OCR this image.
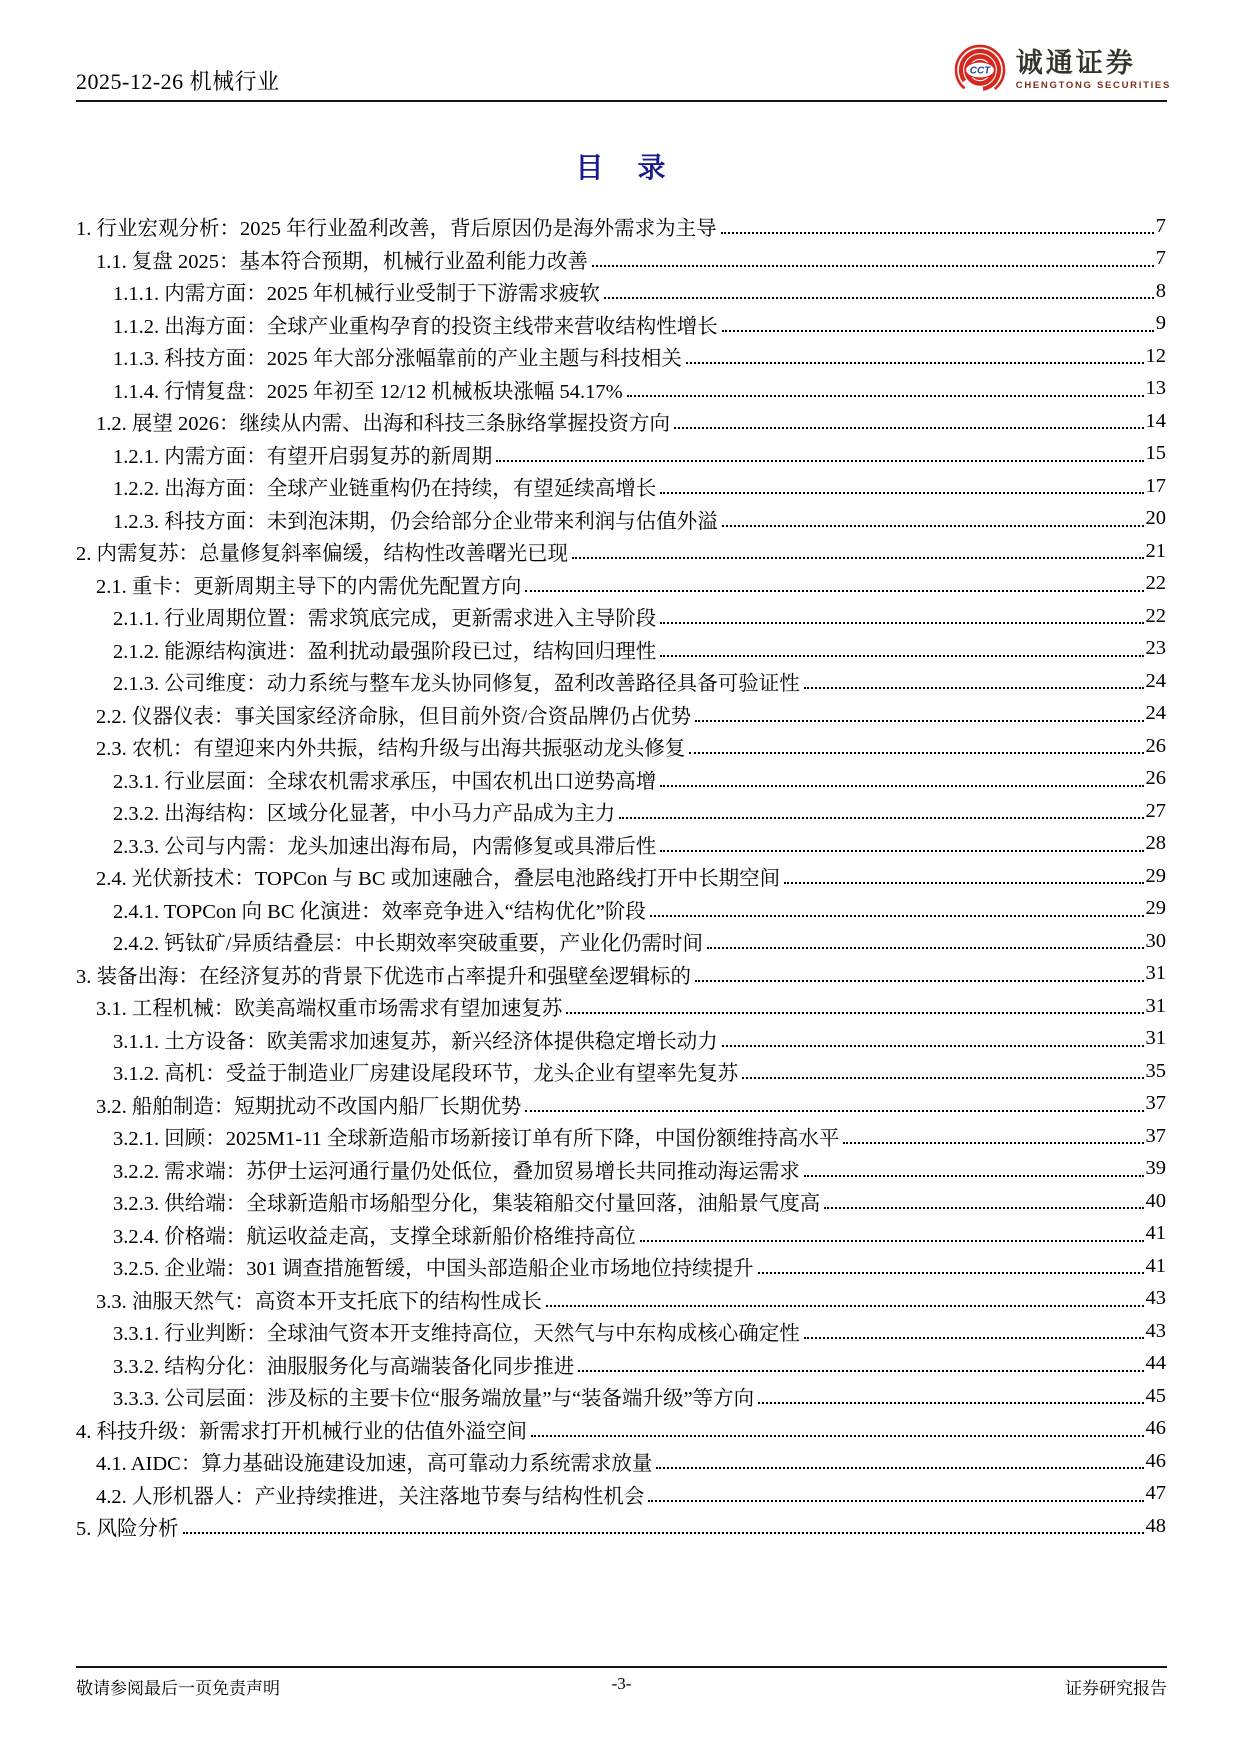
2025-12-26 机械行业	CCT 诚通证券
CHENGTONG SECURITIES
目 录
1. 行业宏观分析：2025 年行业盈利改善，背后原因仍是海外需求为主导	7
1.1. 复盘 2025：基本符合预期，机械行业盈利能力改善	7
1.1.1. 内需方面：2025 年机械行业受制于下游需求疲软	8
1.1.2. 出海方面：全球产业重构孕育的投资主线带来营收结构性增长	9
1.1.3. 科技方面：2025 年大部分涨幅靠前的产业主题与科技相关	12
1.1.4. 行情复盘：2025 年初至 12/12 机械板块涨幅 54.17%	13
1.2. 展望 2026：继续从内需、出海和科技三条脉络掌握投资方向	14
1.2.1. 内需方面：有望开启弱复苏的新周期	15
1.2.2. 出海方面：全球产业链重构仍在持续，有望延续高增长	17
1.2.3. 科技方面：未到泡沫期，仍会给部分企业带来利润与估值外溢	20
2. 内需复苏：总量修复斜率偏缓，结构性改善曙光已现	21
2.1. 重卡：更新周期主导下的内需优先配置方向	22
2.1.1. 行业周期位置：需求筑底完成，更新需求进入主导阶段	22
2.1.2. 能源结构演进：盈利扰动最强阶段已过，结构回归理性	23
2.1.3. 公司维度：动力系统与整车龙头协同修复，盈利改善路径具备可验证性	24
2.2. 仪器仪表：事关国家经济命脉，但目前外资/合资品牌仍占优势	24
2.3. 农机：有望迎来内外共振，结构升级与出海共振驱动龙头修复	26
2.3.1. 行业层面：全球农机需求承压，中国农机出口逆势高增	26
2.3.2. 出海结构：区域分化显著，中小马力产品成为主力	27
2.3.3. 公司与内需：龙头加速出海布局，内需修复或具滞后性	28
2.4. 光伏新技术：TOPCon 与 BC 或加速融合，叠层电池路线打开中长期空间	29
2.4.1. TOPCon 向 BC 化演进：效率竞争进入“结构优化”阶段	29
2.4.2. 钙钛矿/异质结叠层：中长期效率突破重要，产业化仍需时间	30
3. 装备出海：在经济复苏的背景下优选市占率提升和强壁垒逻辑标的	31
3.1. 工程机械：欧美高端权重市场需求有望加速复苏	31
3.1.1. 土方设备：欧美需求加速复苏，新兴经济体提供稳定增长动力	31
3.1.2. 高机：受益于制造业厂房建设尾段环节，龙头企业有望率先复苏	35
3.2. 船舶制造：短期扰动不改国内船厂长期优势	37
3.2.1. 回顾：2025M1-11 全球新造船市场新接订单有所下降，中国份额维持高水平	37
3.2.2. 需求端：苏伊士运河通行量仍处低位，叠加贸易增长共同推动海运需求	39
3.2.3. 供给端：全球新造船市场船型分化，集装箱船交付量回落，油船景气度高	40
3.2.4. 价格端：航运收益走高，支撑全球新船价格维持高位	41
3.2.5. 企业端：301 调查措施暂缓，中国头部造船企业市场地位持续提升	41
3.3. 油服天然气：高资本开支托底下的结构性成长	43
3.3.1. 行业判断：全球油气资本开支维持高位，天然气与中东构成核心确定性	43
3.3.2. 结构分化：油服服务化与高端装备化同步推进	44
3.3.3. 公司层面：涉及标的主要卡位“服务端放量”与“装备端升级”等方向	45
4. 科技升级：新需求打开机械行业的估值外溢空间	46
4.1. AIDC：算力基础设施建设加速，高可靠动力系统需求放量	46
4.2. 人形机器人：产业持续推进，关注落地节奏与结构性机会	47
5. 风险分析	48
-3-
敬请参阅最后一页免责声明	证券研究报告
